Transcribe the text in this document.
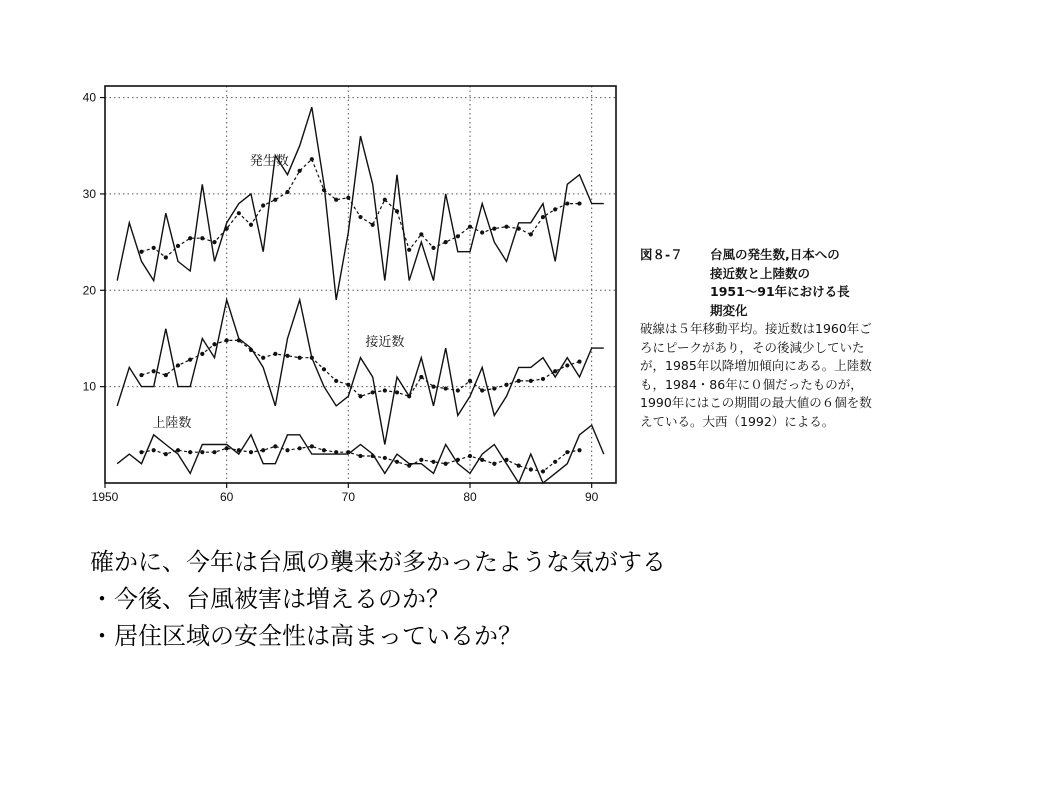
1950	60	70	80	90
10
20
30
40
発生数
接近数
上陸数
図８-７	台風の発生数,日本への
接近数と上陸数の
1951〜91年における長
期変化
破線は５年移動平均。接近数は1960年ごろにピークがあり，その後減少していたが，1985年以降増加傾向にある。上陸数も，1984・86年に０個だったものが，1990年にはこの期間の最大値の６個を数えている。大西（1992）による。
確かに、今年は台風の襲来が多かったような気がする
・今後、台風被害は増えるのか？
・居住区域の安全性は高まっているか？
